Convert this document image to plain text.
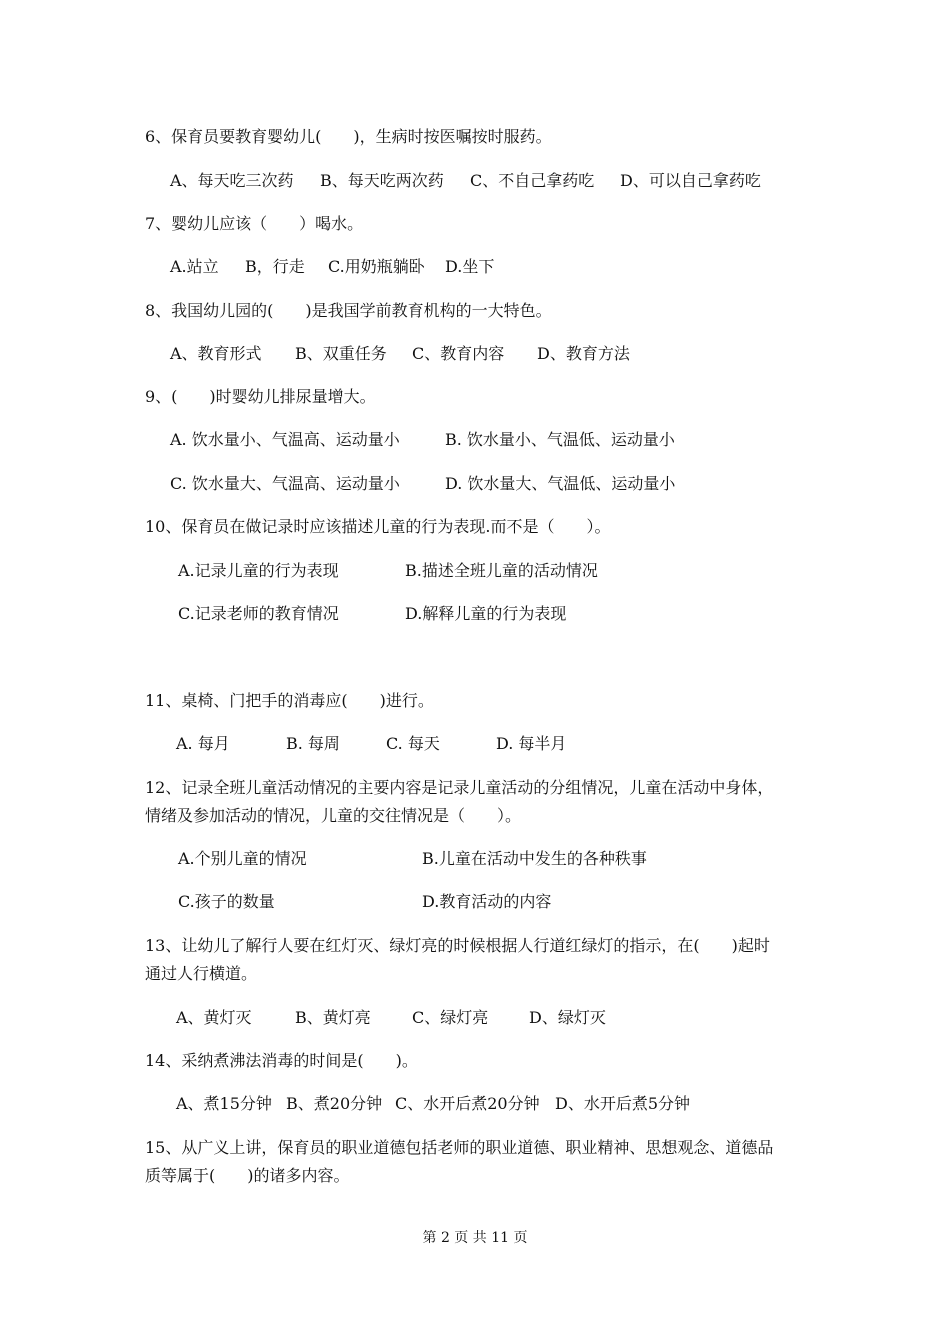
6、保育员要教育婴幼儿(　　)，生病时按医嘱按时服药。

A、每天吃三次药 B、每天吃两次药 C、不自己拿药吃 D、可以自己拿药吃

7、婴幼儿应该（　　）喝水。

A.站立 B，行走 C.用奶瓶躺卧 D.坐下

8、我国幼儿园的(　　)是我国学前教育机构的一大特色。

A、教育形式 B、双重任务 C、教育内容 D、教育方法

9、(　　)时婴幼儿排尿量增大。

A. 饮水量小、气温高、运动量小	B. 饮水量小、气温低、运动量小
C. 饮水量大、气温高、运动量小	D. 饮水量大、气温低、运动量小

10、保育员在做记录时应该描述儿童的行为表现.而不是（　　）。

A.记录儿童的行为表现	B.描述全班儿童的活动情况
C.记录老师的教育情况	D.解释儿童的行为表现

11、桌椅、门把手的消毒应(　　)进行。

A. 每月	B. 每周	C. 每天	D. 每半月

12、记录全班儿童活动情况的主要内容是记录儿童活动的分组情况，儿童在活动中身体，

情绪及参加活动的情况，儿童的交往情况是（　　）。

A.个别儿童的情况	B.儿童在活动中发生的各种秩事
C.孩子的数量	D.教育活动的内容

13、让幼儿了解行人要在红灯灭、绿灯亮的时候根据人行道红绿灯的指示，在(　　)起时

通过人行横道。

A、黄灯灭	B、黄灯亮	C、绿灯亮	D、绿灯灭

14、采纳煮沸法消毒的时间是(　　)。

A、煮15分钟 B、煮20分钟 C、水开后煮20分钟 D、水开后煮5分钟

15、从广义上讲，保育员的职业道德包括老师的职业道德、职业精神、思想观念、道德品

质等属于(　　)的诸多内容。

第 2 页 共 11 页
